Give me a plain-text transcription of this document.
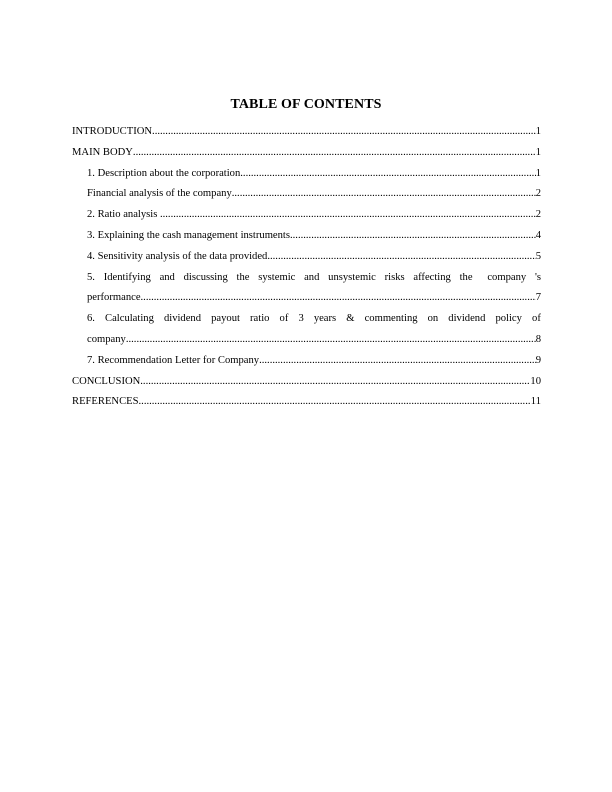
TABLE OF CONTENTS
INTRODUCTION .....	1
MAIN BODY .....	1
1. Description about the corporation .....	1
Financial analysis of the company .....	2
2. Ratio analysis .....	2
3. Explaining the cash management instruments .....	4
4. Sensitivity analysis of the data provided .....	5
5. Identifying and discussing the systemic and unsystemic risks affecting the company 's
performance .....	7
6. Calculating dividend payout ratio of 3 years & commenting on dividend policy of
company .....	8
7. Recommendation Letter for Company .....	9
CONCLUSION .....	10
REFERENCES .....	11
